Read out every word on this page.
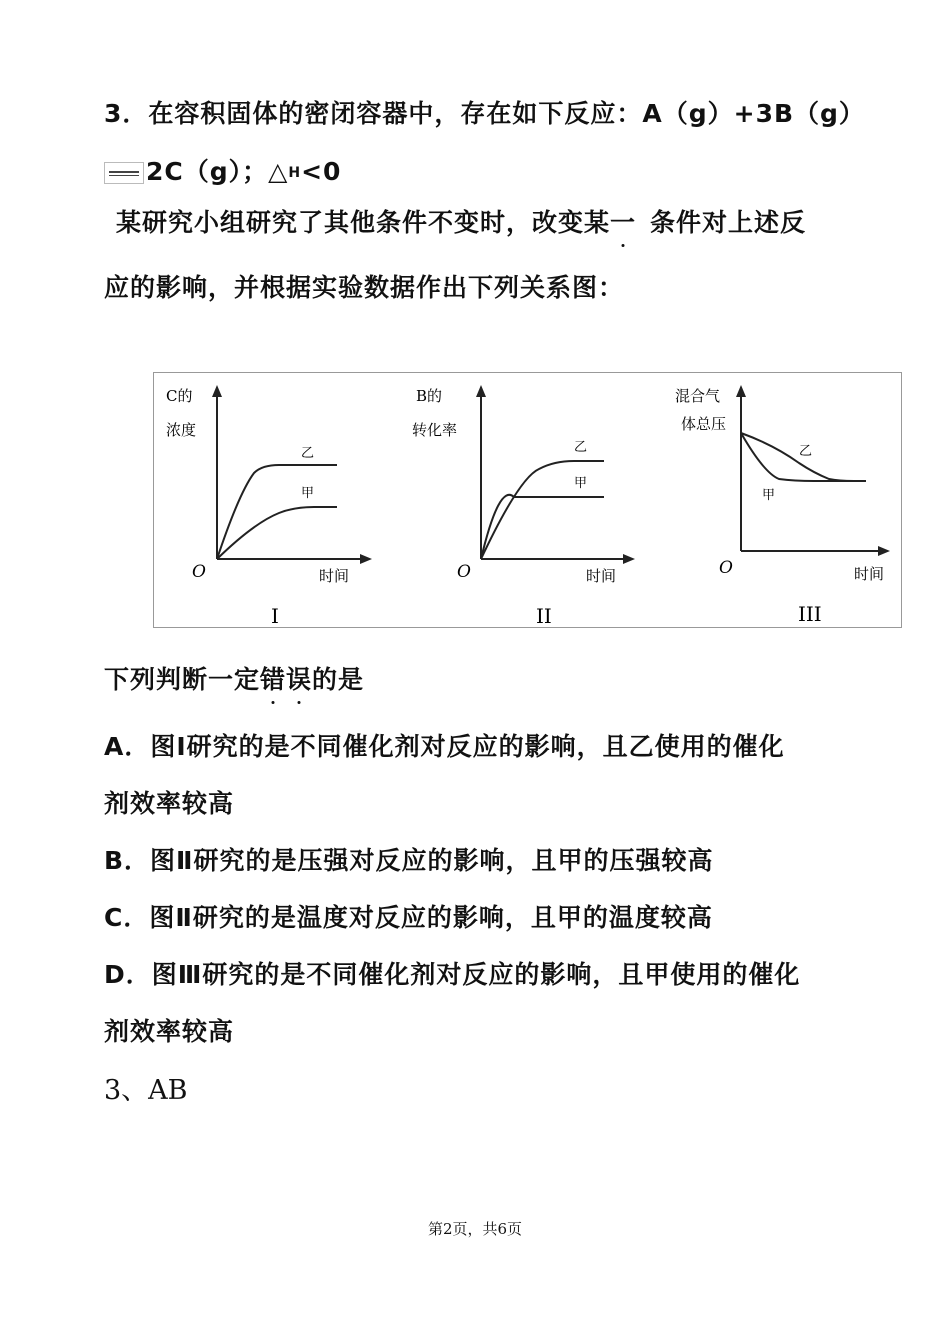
3．在容积固体的密闭容器中，存在如下反应：A（g）+3B（g）
2C（g）；△H<0
某研究小组研究了其他条件不变时，改变某一 条件对上述反
应的影响，并根据实验数据作出下列关系图：
C的
浓度
乙
甲
O	时间
I
B的
转化率
乙
甲
O	时间
II
混合气
体总压
乙
甲
O	时间
III
下列判断一定错误的是
A．图Ⅰ研究的是不同催化剂对反应的影响，且乙使用的催化
剂效率较高
B．图Ⅱ研究的是压强对反应的影响，且甲的压强较高
C．图Ⅱ研究的是温度对反应的影响，且甲的温度较高
D．图Ⅲ研究的是不同催化剂对反应的影响，且甲使用的催化
剂效率较高
3、AB
第2页，共6页
